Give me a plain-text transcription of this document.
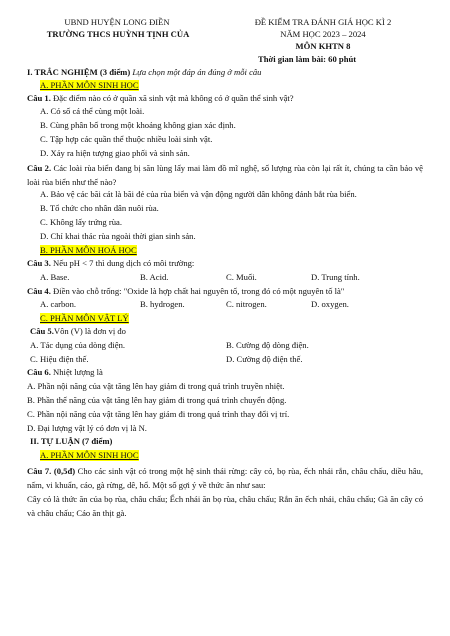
UBND HUYỆN LONG ĐIỀN
TRƯỜNG THCS HUỲNH TỊNH CỦA
ĐỀ KIỂM TRA ĐÁNH GIÁ HỌC KÌ 2
NĂM HỌC 2023 – 2024
MÔN KHTN 8
Thời gian làm bài: 60 phút
I. TRẮC NGHIỆM (3 điểm) Lựa chọn một đáp án đúng ở mỗi câu
A. PHẦN MÔN SINH HỌC
Câu 1. Đặc điểm nào có ở quần xã sinh vật mà không có ở quần thể sinh vật?
A. Có số cá thể cùng một loài.
B. Cùng phân bố trong một khoảng không gian xác định.
C. Tập hợp các quần thể thuộc nhiều loài sinh vật.
D. Xảy ra hiện tượng giao phối và sinh sản.
Câu 2. Các loài rùa biển đang bị săn lùng lấy mai làm đồ mĩ nghệ, số lượng rùa còn lại rất ít, chúng ta cần bảo vệ loài rùa biển như thế nào?
A. Bảo vệ các bãi cát là bãi đẻ của rùa biển và vận động người dân không đánh bắt rùa biển.
B. Tổ chức cho nhân dân nuôi rùa.
C. Không lấy trứng rùa.
D. Chỉ khai thác rùa ngoài thời gian sinh sản.
B. PHẦN MÔN HOÁ HỌC
Câu 3. Nếu pH < 7 thì dung dịch có môi trường:
A. Base.	B. Acid.	C. Muối.	D. Trung tính.
Câu 4. Điền vào chỗ trống: "Oxide là hợp chất hai nguyên tố, trong đó có một nguyên tố là"
A. carbon.	B. hydrogen.	C. nitrogen.	D. oxygen.
C. PHẦN MÔN VẬT LÝ
Câu 5.Vôn (V) là đơn vị đo
A. Tác dụng của dòng điện.	B. Cường độ dòng điện.
C. Hiệu điện thế.	D. Cường độ điện thế.
Câu 6. Nhiệt lượng là
A. Phần nội năng của vật tăng lên hay giảm đi trong quá trình truyền nhiệt.
B. Phần thế năng của vật tăng lên hay giảm đi trong quá trình chuyển động.
C. Phần nội năng của vật tăng lên hay giảm đi trong quá trình thay đổi vị trí.
D. Đại lượng vật lý có đơn vị là N.
II. TỰ LUẬN (7 điểm)
A. PHẦN MÔN SINH HỌC
Câu 7. (0,5đ) Cho các sinh vật có trong một hệ sinh thái rừng: cây cỏ, bọ rùa, ếch nhái rắn, châu chấu, diều hâu, nấm, vi khuẩn, cáo, gà rừng, dê, hổ. Một số gợi ý về thức ăn như sau:
Cây cỏ là thức ăn của bọ rùa, châu chấu; Ếch nhái ăn bọ rùa, châu chấu; Rắn ăn ếch nhái, châu chấu; Gà ăn cây cỏ và châu chấu; Cáo ăn thịt gà.
